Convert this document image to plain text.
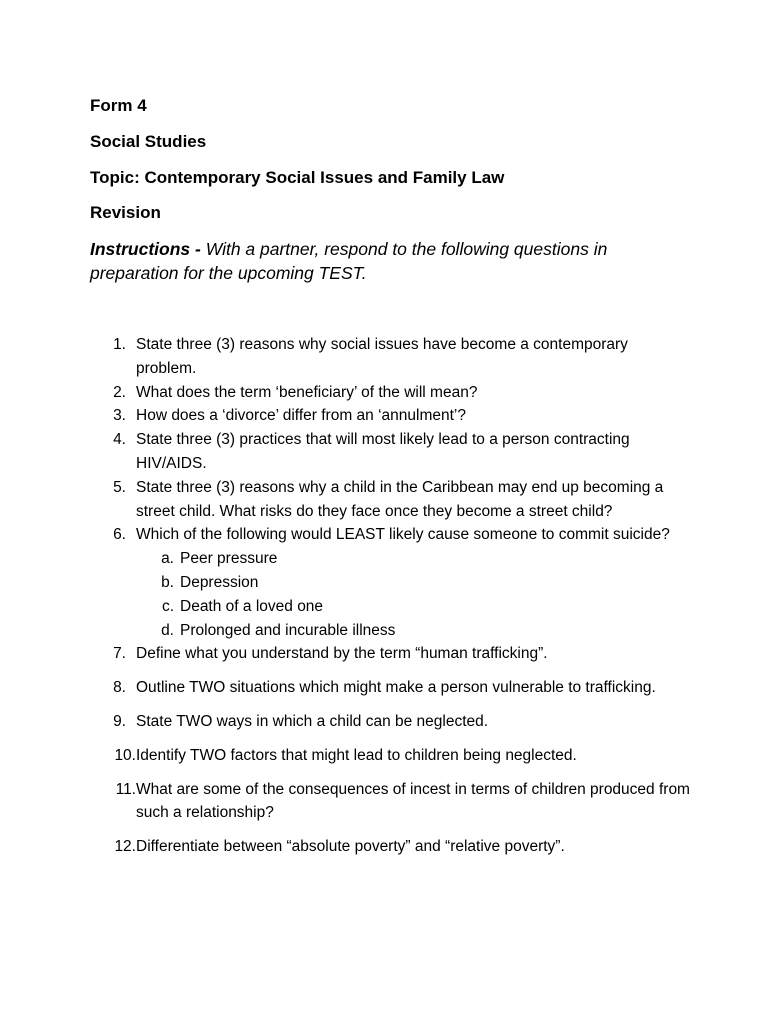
Form 4
Social Studies
Topic: Contemporary Social Issues and Family Law
Revision
Instructions - With a partner, respond to the following questions in preparation for the upcoming TEST.
1. State three (3) reasons why social issues have become a contemporary problem.
2. What does the term ‘beneficiary’ of the will mean?
3. How does a ‘divorce’ differ from an ‘annulment’?
4. State three (3) practices that will most likely lead to a person contracting HIV/AIDS.
5. State three (3) reasons why a child in the Caribbean may end up becoming a street child. What risks do they face once they become a street child?
6. Which of the following would LEAST likely cause someone to commit suicide?
a. Peer pressure
b. Depression
c. Death of a loved one
d. Prolonged and incurable illness
7. Define what you understand by the term “human trafficking”.
8. Outline TWO situations which might make a person vulnerable to trafficking.
9. State TWO ways in which a child can be neglected.
10. Identify TWO factors that might lead to children being neglected.
11. What are some of the consequences of incest in terms of children produced from such a relationship?
12. Differentiate between “absolute poverty” and “relative poverty”.
